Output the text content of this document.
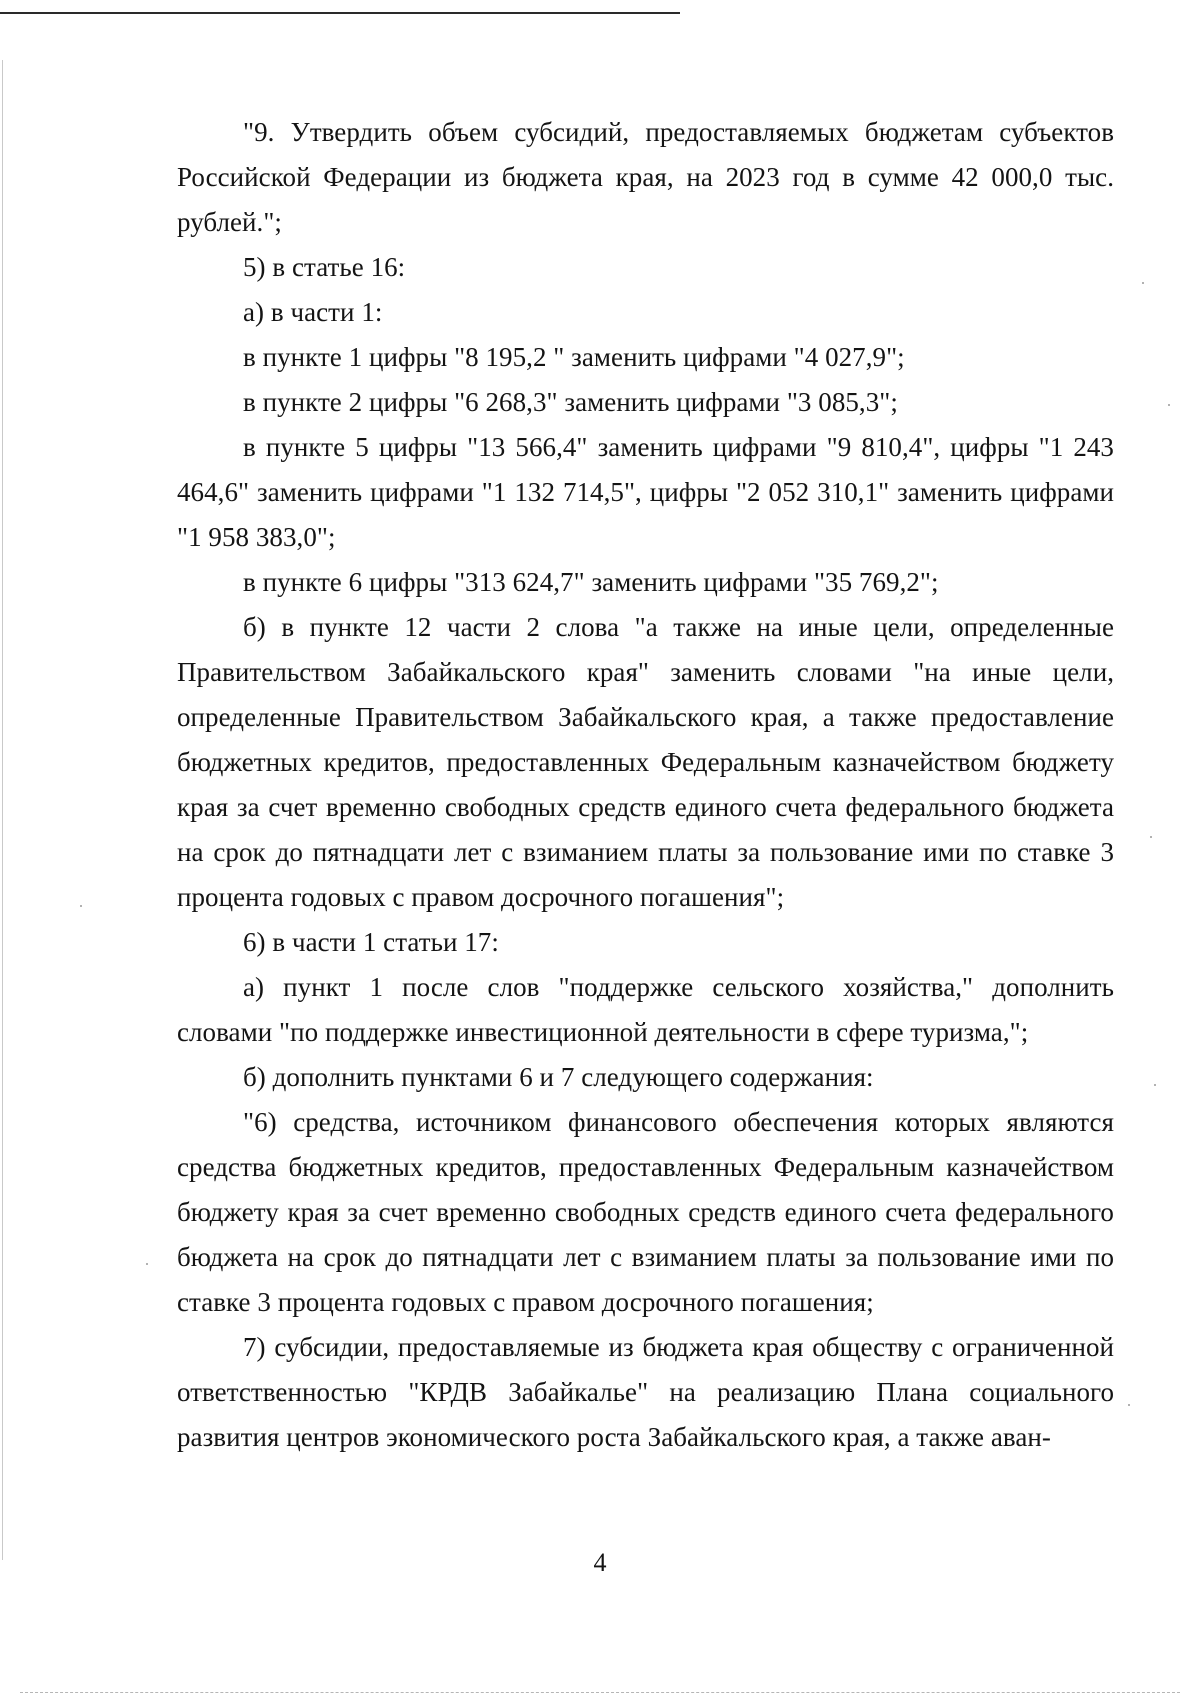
"9. Утвердить объем субсидий, предоставляемых бюджетам субъектов Российской Федерации из бюджета края, на 2023 год в сумме 42 000,0 тыс. рублей.";

5) в статье 16:

а) в части 1:

в пункте 1 цифры "8 195,2 " заменить цифрами "4 027,9";

в пункте 2 цифры "6 268,3" заменить цифрами "3 085,3";

в пункте 5 цифры "13 566,4" заменить цифрами "9 810,4", цифры "1 243 464,6" заменить цифрами "1 132 714,5", цифры "2 052 310,1" заменить цифрами "1 958 383,0";

в пункте 6 цифры "313 624,7" заменить цифрами "35 769,2";

б) в пункте 12 части 2 слова "а также на иные цели, определенные Правительством Забайкальского края" заменить словами "на иные цели, определенные Правительством Забайкальского края, а также предоставление бюджетных кредитов, предоставленных Федеральным казначейством бюджету края за счет временно свободных средств единого счета федерального бюджета на срок до пятнадцати лет с взиманием платы за пользование ими по ставке 3 процента годовых с правом досрочного погашения";

6) в части 1 статьи 17:

а) пункт 1 после слов "поддержке сельского хозяйства," дополнить словами "по поддержке инвестиционной деятельности в сфере туризма,";

б) дополнить пунктами 6 и 7 следующего содержания:

"6) средства, источником финансового обеспечения которых являются средства бюджетных кредитов, предоставленных Федеральным казначейством бюджету края за счет временно свободных средств единого счета федерального бюджета на срок до пятнадцати лет с взиманием платы за пользование ими по ставке 3 процента годовых с правом досрочного погашения;

7) субсидии, предоставляемые из бюджета края обществу с ограниченной ответственностью "КРДВ Забайкалье" на реализацию Плана социального развития центров экономического роста Забайкальского края, а также аван-

4
